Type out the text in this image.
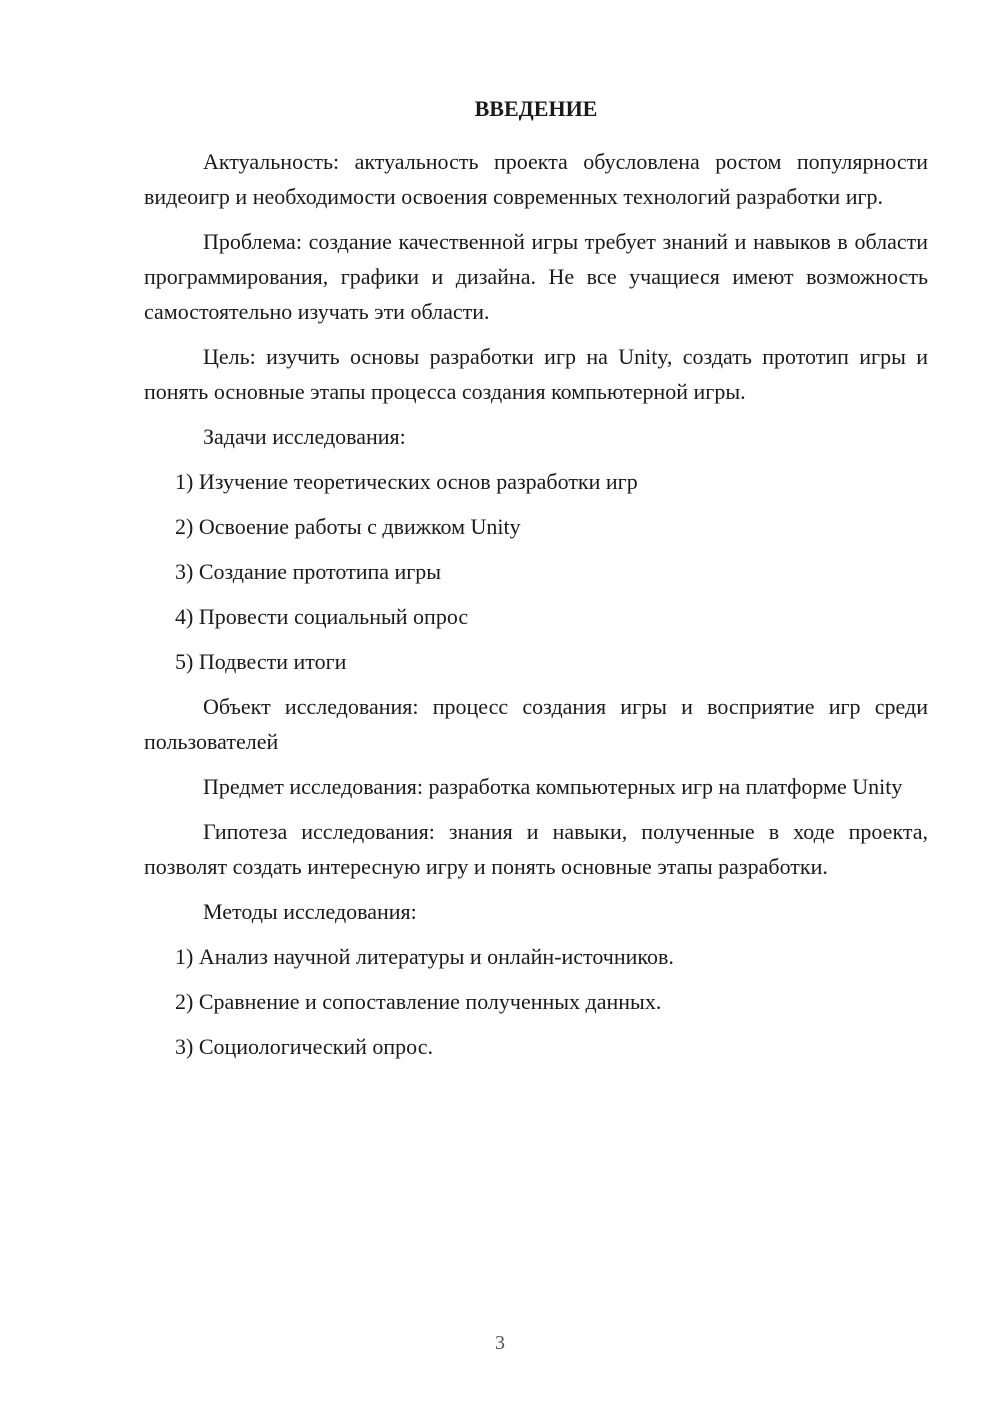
ВВЕДЕНИЕ

Актуальность: актуальность проекта обусловлена ростом популярности видеоигр и необходимости освоения современных технологий разработки игр.

Проблема: создание качественной игры требует знаний и навыков в области программирования, графики и дизайна. Не все учащиеся имеют возможность самостоятельно изучать эти области.

Цель: изучить основы разработки игр на Unity, создать прототип игры и понять основные этапы процесса создания компьютерной игры.

Задачи исследования:
1) Изучение теоретических основ разработки игр
2) Освоение работы с движком Unity
3) Создание прототипа игры
4) Провести социальный опрос
5) Подвести итоги

Объект исследования: процесс создания игры и восприятие игр среди пользователей

Предмет исследования: разработка компьютерных игр на платформе Unity

Гипотеза исследования: знания и навыки, полученные в ходе проекта, позволят создать интересную игру и понять основные этапы разработки.

Методы исследования:
1) Анализ научной литературы и онлайн-источников.
2) Сравнение и сопоставление полученных данных.
3) Социологический опрос.
3
